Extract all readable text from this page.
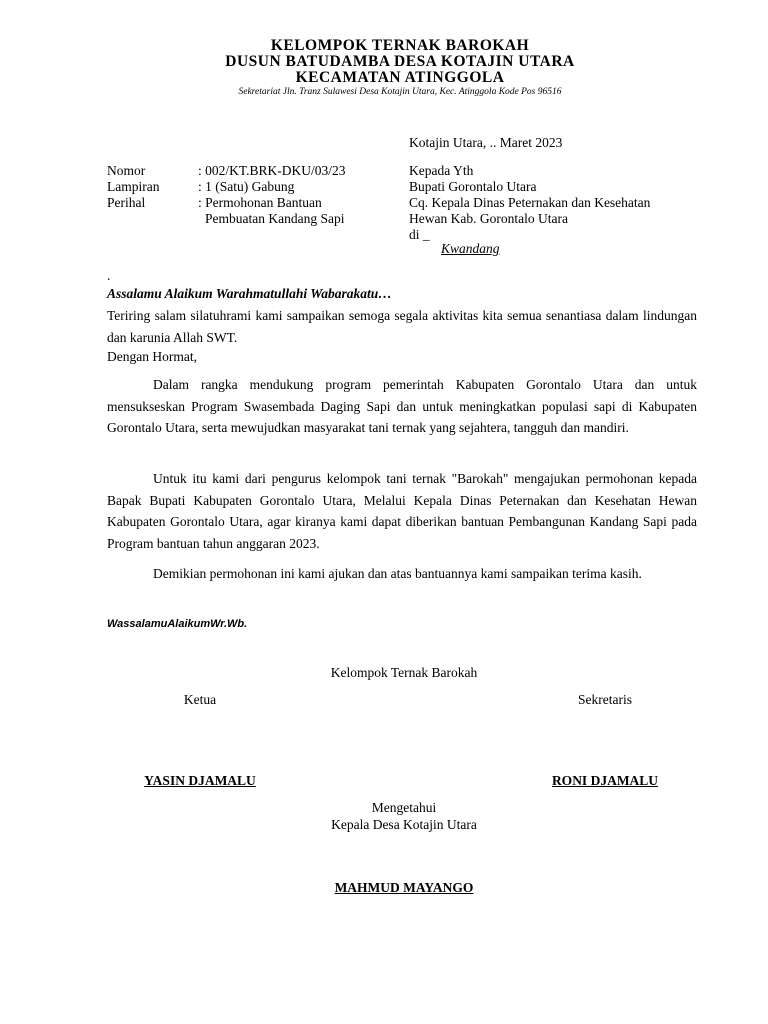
KELOMPOK TERNAK BAROKAH
DUSUN BATUDAMBA DESA KOTAJIN UTARA
KECAMATAN ATINGGOLA
Sekretariat Jln. Tranz Sulawesi Desa Kotajin Utara, Kec. Atinggola Kode Pos 96516
Kotajin Utara, .. Maret 2023
Nomor	: 002/KT.BRK-DKU/03/23
Lampiran	: 1 (Satu) Gabung
Perihal	: Permohonan Bantuan
Pembuatan Kandang Sapi
Kepada Yth
Bupati Gorontalo Utara
Cq. Kepala Dinas Peternakan dan Kesehatan
Hewan Kab. Gorontalo Utara
di _
Kwandang
.
Assalamu Alaikum Warahmatullahi Wabarakatu…
Teriring salam silatuhrami kami sampaikan semoga segala aktivitas kita semua senantiasa dalam lindungan dan karunia Allah SWT.
Dengan Hormat,
Dalam rangka mendukung program pemerintah Kabupaten Gorontalo Utara dan untuk mensukseskan Program Swasembada Daging Sapi dan untuk meningkatkan populasi sapi di Kabupaten Gorontalo Utara, serta mewujudkan masyarakat tani ternak yang sejahtera, tangguh dan mandiri.
Untuk itu kami dari pengurus kelompok tani ternak "Barokah" mengajukan permohonan kepada Bapak Bupati Kabupaten Gorontalo Utara, Melalui Kepala Dinas Peternakan dan Kesehatan Hewan Kabupaten Gorontalo Utara, agar kiranya kami dapat diberikan bantuan Pembangunan Kandang Sapi pada Program bantuan tahun anggaran 2023.
Demikian permohonan ini kami ajukan dan atas bantuannya kami sampaikan terima kasih.
WassalamuAlaikumWr.Wb.
Kelompok Ternak Barokah
Ketua	Sekretaris
YASIN DJAMALU	RONI DJAMALU
Mengetahui
Kepala Desa Kotajin Utara
MAHMUD MAYANGO
